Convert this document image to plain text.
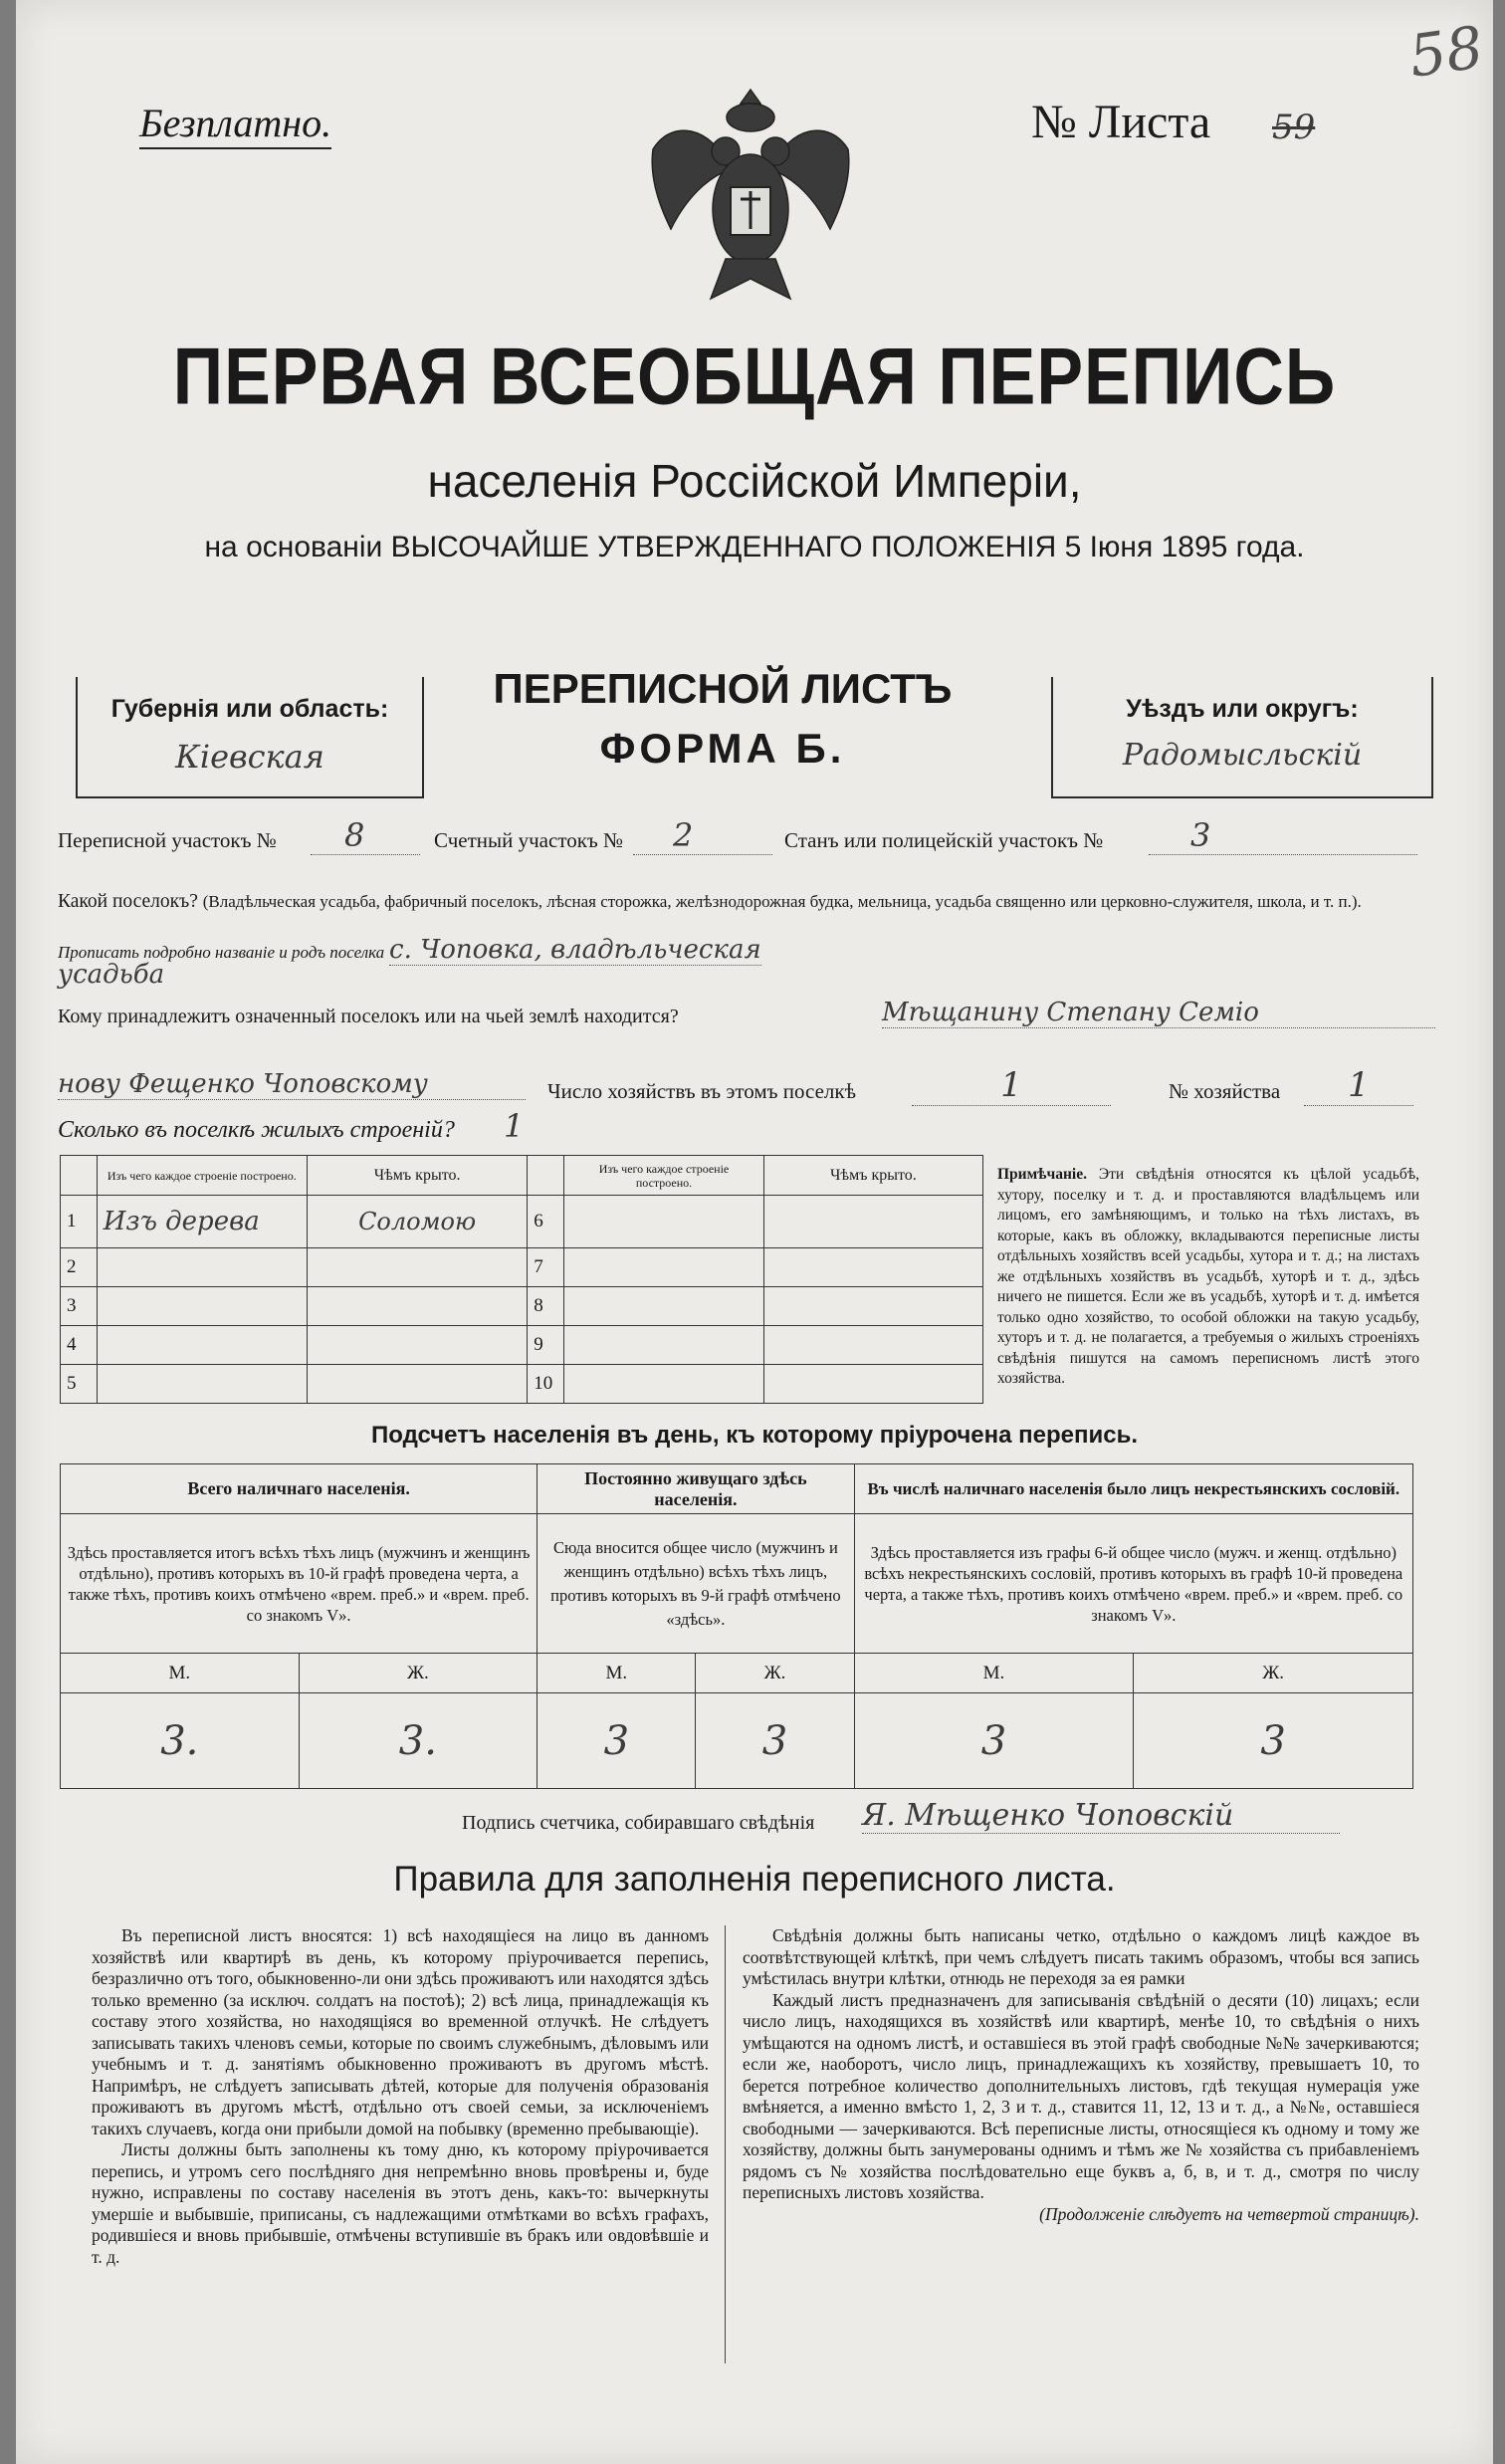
58
Безплатно.	№ Листа 59
ПЕРВАЯ ВСЕОБЩАЯ ПЕРЕПИСЬ
населенія Россійской Имперіи,
на основаніи ВЫСОЧАЙШЕ УТВЕРЖДЕННАГО ПОЛОЖЕНІЯ 5 Іюня 1895 года.
Губернія или область:
Кіевская
ПЕРЕПИСНОЙ ЛИСТЪ
ФОРМА Б.
Уѣздъ или округъ:
Радомысльскій
Переписной участокъ № 8	Счетный участокъ № 2	Станъ или полицейскій участокъ №	3
Какой поселокъ? (Владѣльческая усадьба, фабричный поселокъ, лѣсная сторожка, желѣзнодорожная будка, мельница, усадьба священно или церковно-служителя, школа, и т. п.). Прописать подробно названіе и родъ поселка с. Чоповка, владѣльческая
усадьба
Кому принадлежитъ означенный поселокъ или на чьей землѣ находится?	Мѣщанину Степану Семіо
нову Фещенко Чоповскому	Число хозяйствъ въ этомъ поселкѣ	1	№ хозяйства	1
Сколько въ поселкѣ жилыхъ строеній? 1
	Изъ чего каждое строеніе построено.	Чѣмъ крыто.		Изъ чего каждое строеніе построено.	Чѣмъ крыто.
1	Изъ дерева	Соломою	6		
2			7		
3			8		
4			9		
5			10		
Примѣчаніе. Эти свѣдѣнія относятся къ цѣлой усадьбѣ, хутору, поселку и т. д. и проставляются владѣльцемъ или лицомъ, его замѣняющимъ, и только на тѣхъ листахъ, въ которые, какъ въ обложку, вкладываются переписные листы отдѣльныхъ хозяйствъ всей усадьбы, хутора и т. д.; на листахъ же отдѣльныхъ хозяйствъ въ усадьбѣ, хуторѣ и т. д., здѣсь ничего не пишется. Если же въ усадьбѣ, хуторѣ и т. д. имѣется только одно хозяйство, то особой обложки на такую усадьбу, хуторъ и т. д. не полагается, а требуемыя о жилыхъ строеніяхъ свѣдѣнія пишутся на самомъ переписномъ листѣ этого хозяйства.
Подсчетъ населенія въ день, къ которому пріурочена перепись.
Всего наличнаго населенія.		Постоянно живущаго здѣсь населенія.		Въ числѣ наличнаго населенія было лицъ некрестьянскихъ сословій.	
Здѣсь проставляется итогъ всѣхъ тѣхъ лицъ (мужчинъ и женщинъ отдѣльно), противъ которыхъ въ 10-й графѣ проведена черта, а также тѣхъ, противъ коихъ отмѣчено «врем. преб.» и «врем. преб. со знакомъ V».		Сюда вносится общее число (мужчинъ и женщинъ отдѣльно) всѣхъ тѣхъ лицъ, противъ которыхъ въ 9-й графѣ отмѣчено «здѣсь».		Здѣсь проставляется изъ графы 6-й общее число (мужч. и женщ. отдѣльно) всѣхъ некрестьянскихъ сословій, противъ которыхъ въ графѣ 10-й проведена черта, а также тѣхъ, противъ коихъ отмѣчено «врем. преб.» и «врем. преб. со знакомъ V».	
М.	Ж.	М.	Ж.	М.	Ж.
3.	3.	3	3	3	3
Подпись счетчика, собиравшаго свѣдѣнія Я. Мѣщенко Чоповскій
Правила для заполненія переписного листа.

Въ переписной листъ вносятся: 1) всѣ находящіеся на лицо въ данномъ хозяйствѣ или квартирѣ въ день, къ которому пріурочивается перепись, безразлично отъ того, обыкновенно-ли они здѣсь проживаютъ или находятся здѣсь только временно (за исключ. солдатъ на постоѣ); 2) всѣ лица, принадлежащія къ составу этого хозяйства, но находящіяся во временной отлучкѣ. Не слѣдуетъ записывать такихъ членовъ семьи, которые по своимъ служебнымъ, дѣловымъ или учебнымъ и т. д. занятіямъ обыкновенно проживаютъ въ другомъ мѣстѣ. Напримѣръ, не слѣдуетъ записывать дѣтей, которые для полученія образованія проживаютъ въ другомъ мѣстѣ, отдѣльно отъ своей семьи, за исключеніемъ такихъ случаевъ, когда они прибыли домой на побывку (временно пребывающіе).

Листы должны быть заполнены къ тому дню, къ которому пріурочивается перепись, и утромъ сего послѣдняго дня непремѣнно вновь провѣрены и, буде нужно, исправлены по составу населенія въ этотъ день, какъ-то: вычеркнуты умершіе и выбывшіе, приписаны, съ надлежащими отмѣтками во всѣхъ графахъ, родившіеся и вновь прибывшіе, отмѣчены вступившіе въ бракъ или овдовѣвшіе и т. д.

Свѣдѣнія должны быть написаны четко, отдѣльно о каждомъ лицѣ каждое въ соотвѣтствующей клѣткѣ, при чемъ слѣдуетъ писать такимъ образомъ, чтобы вся запись умѣстилась внутри клѣтки, отнюдь не переходя за ея рамки

Каждый листъ предназначенъ для записыванія свѣдѣній о десяти (10) лицахъ; если число лицъ, находящихся въ хозяйствѣ или квартирѣ, менѣе 10, то свѣдѣнія о нихъ умѣщаются на одномъ листѣ, и оставшіеся въ этой графѣ свободные №№ зачеркиваются; если же, наоборотъ, число лицъ, принадлежащихъ къ хозяйству, превышаетъ 10, то берется потребное количество дополнительныхъ листовъ, гдѣ текущая нумерація уже вмѣняется, а именно вмѣсто 1, 2, 3 и т. д., ставится 11, 12, 13 и т. д., а №№, оставшіеся свободными — зачеркиваются. Всѣ переписные листы, относящіеся къ одному и тому же хозяйству, должны быть занумерованы однимъ и тѣмъ же № хозяйства съ прибавленіемъ рядомъ съ № хозяйства послѣдовательно еще буквъ а, б, в, и т. д., смотря по числу переписныхъ листовъ хозяйства.

(Продолженіе слѣдуетъ на четвертой страницѣ).
